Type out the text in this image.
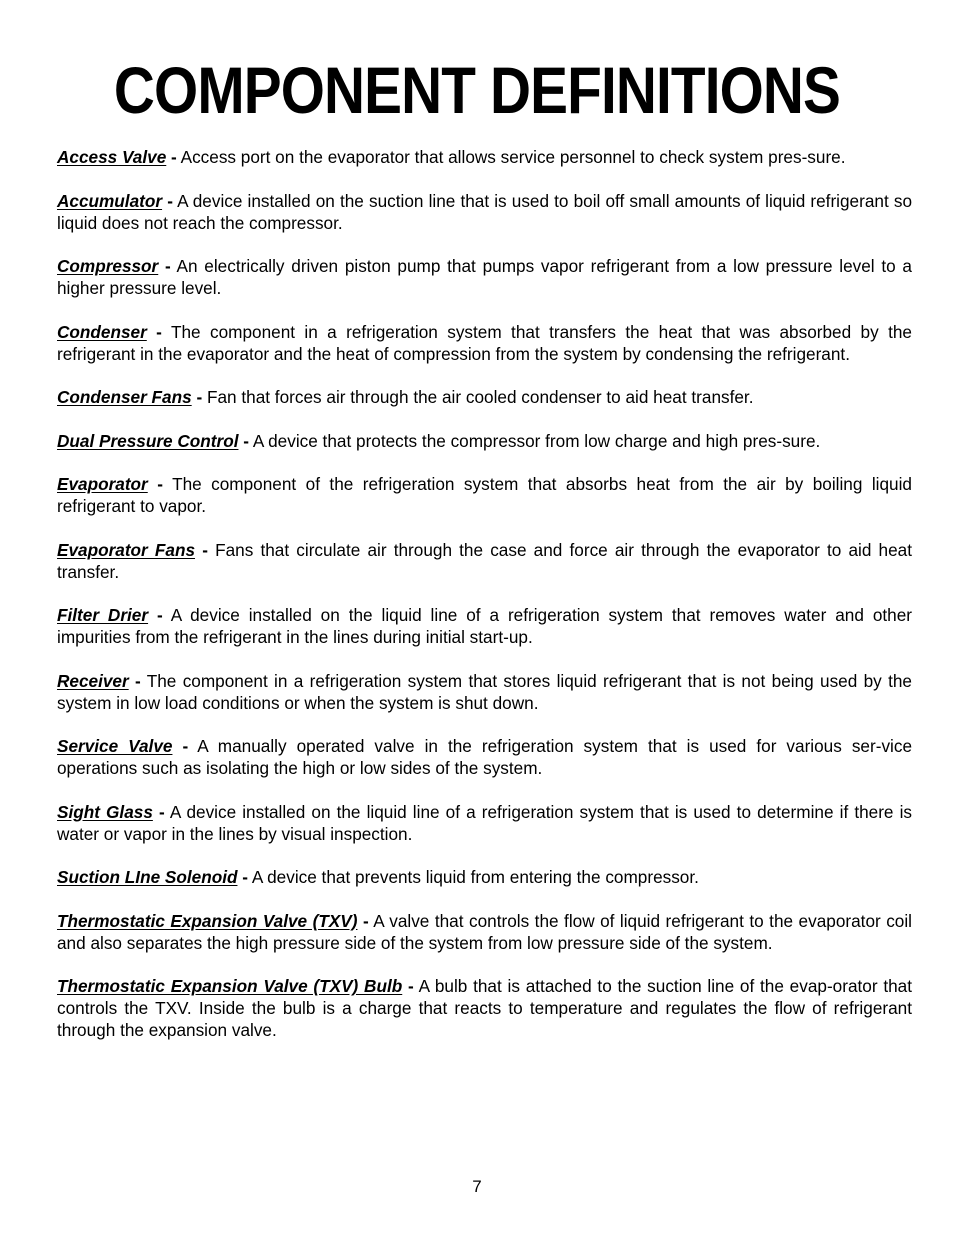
COMPONENT DEFINITIONS
Access Valve - Access port on the evaporator that allows service personnel to check system pres-sure.
Accumulator - A device installed on the suction line that is used to boil off small amounts of liquid refrigerant so liquid does not reach the compressor.
Compressor - An electrically driven piston pump that pumps vapor refrigerant from a low pressure level to a higher pressure level.
Condenser - The component in a refrigeration system that transfers the heat that was absorbed by the refrigerant in the evaporator and the heat of compression from the system by condensing the refrigerant.
Condenser Fans - Fan that forces air through the air cooled condenser to aid heat transfer.
Dual Pressure Control - A device that protects the compressor from low charge and high pres-sure.
Evaporator - The component of the refrigeration system that absorbs heat from the air by boiling liquid refrigerant to vapor.
Evaporator Fans - Fans that circulate air through the case and force air through the evaporator to aid heat transfer.
Filter Drier - A device installed on the liquid line of a refrigeration system that removes water and other impurities from the refrigerant in the lines during initial start-up.
Receiver - The component in a refrigeration system that stores liquid refrigerant that is not being used by the system in low load conditions or when the system is shut down.
Service Valve - A manually operated valve in the refrigeration system that is used for various ser-vice operations such as isolating the high or low sides of the system.
Sight Glass - A device installed on the liquid line of a refrigeration system that is used to determine if there is water or vapor in the lines by visual inspection.
Suction LIne Solenoid - A device that prevents liquid from entering the compressor.
Thermostatic Expansion Valve (TXV) - A valve that controls the flow of liquid refrigerant to the evaporator coil and also separates the high pressure side of the system from low pressure side of the system.
Thermostatic Expansion Valve (TXV) Bulb - A bulb that is attached to the suction line of the evap-orator that controls the TXV. Inside the bulb is a charge that reacts to temperature and regulates the flow of refrigerant through the expansion valve.
7
